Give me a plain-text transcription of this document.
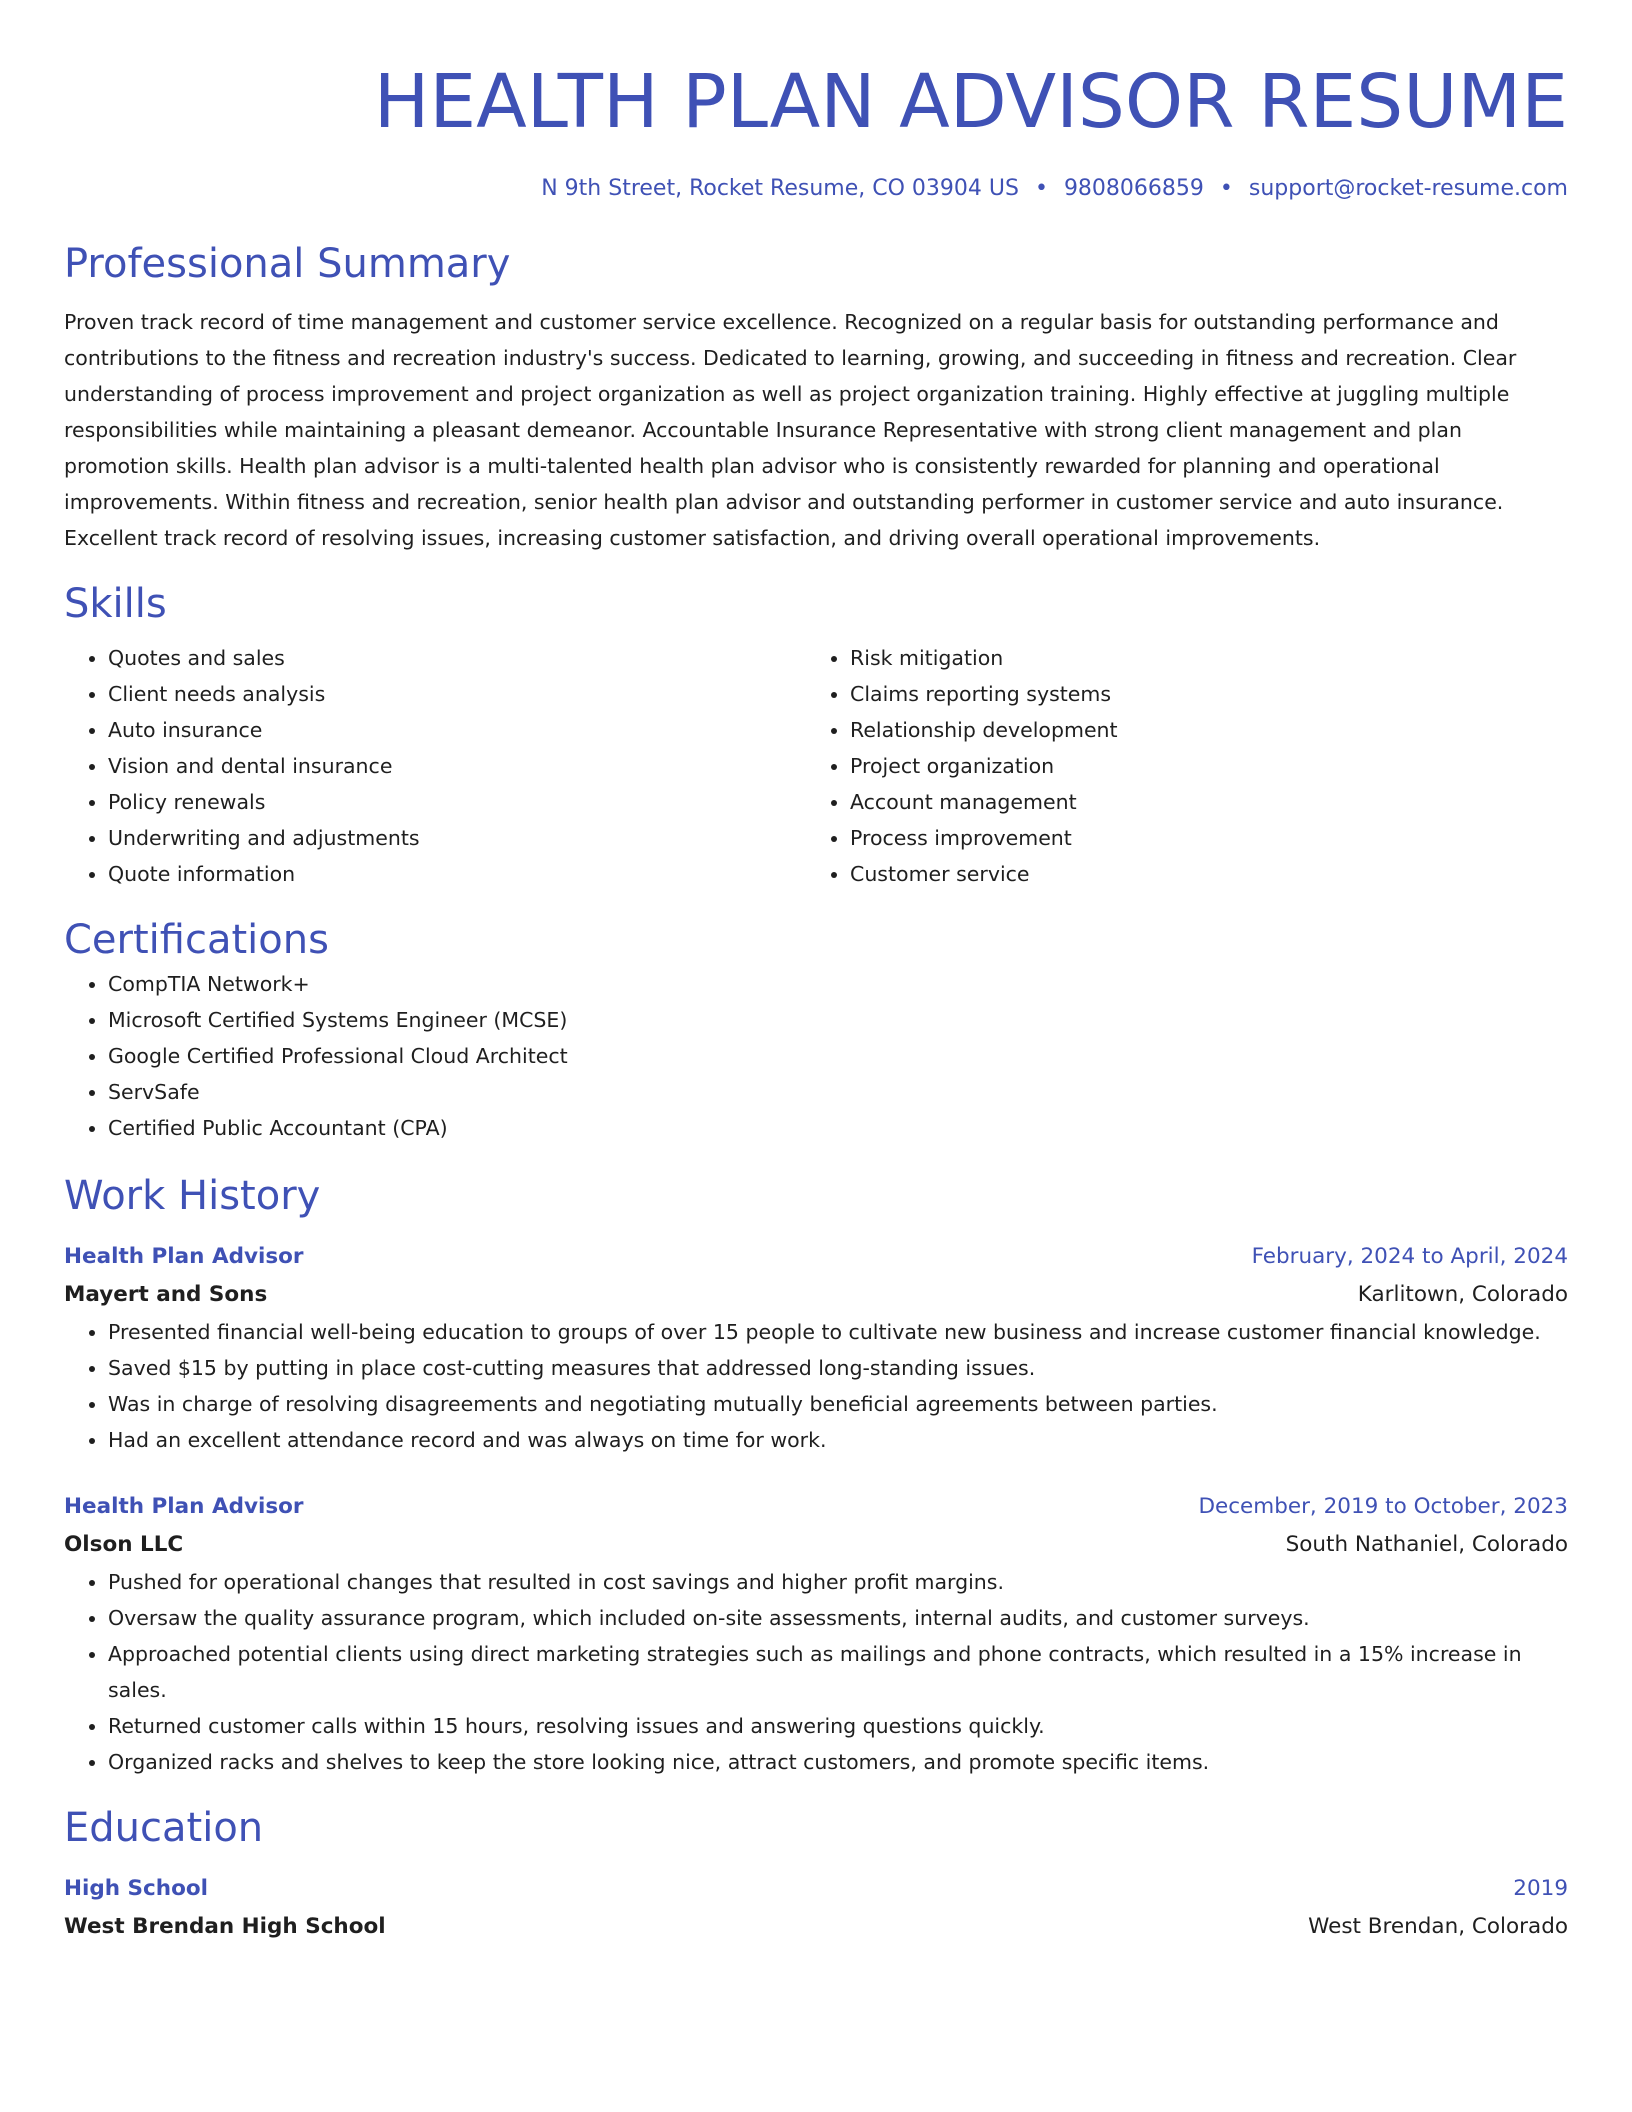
HEALTH PLAN ADVISOR RESUME
N 9th Street, Rocket Resume, CO 03904 US • 9808066859 • support@rocket-resume.com
Professional Summary

Proven track record of time management and customer service excellence. Recognized on a regular basis for outstanding performance and contributions to the fitness and recreation industry's success. Dedicated to learning, growing, and succeeding in fitness and recreation. Clear understanding of process improvement and project organization as well as project organization training. Highly effective at juggling multiple responsibilities while maintaining a pleasant demeanor. Accountable Insurance Representative with strong client management and plan promotion skills. Health plan advisor is a multi-talented health plan advisor who is consistently rewarded for planning and operational improvements. Within fitness and recreation, senior health plan advisor and outstanding performer in customer service and auto insurance. Excellent track record of resolving issues, increasing customer satisfaction, and driving overall operational improvements.

Skills
• Quotes and sales
• Client needs analysis
• Auto insurance
• Vision and dental insurance
• Policy renewals
• Underwriting and adjustments
• Quote information
• Risk mitigation
• Claims reporting systems
• Relationship development
• Project organization
• Account management
• Process improvement
• Customer service
Certifications
• CompTIA Network+
• Microsoft Certified Systems Engineer (MCSE)
• Google Certified Professional Cloud Architect
• ServSafe
• Certified Public Accountant (CPA)
Work History
Health Plan Advisor	February, 2024 to April, 2024
Mayert and Sons	Karlitown, Colorado
• Presented financial well-being education to groups of over 15 people to cultivate new business and increase customer financial knowledge.
• Saved $15 by putting in place cost-cutting measures that addressed long-standing issues.
• Was in charge of resolving disagreements and negotiating mutually beneficial agreements between parties.
• Had an excellent attendance record and was always on time for work.
Health Plan Advisor	December, 2019 to October, 2023
Olson LLC	South Nathaniel, Colorado
• Pushed for operational changes that resulted in cost savings and higher profit margins.
• Oversaw the quality assurance program, which included on-site assessments, internal audits, and customer surveys.
• Approached potential clients using direct marketing strategies such as mailings and phone contracts, which resulted in a 15% increase in sales.
• Returned customer calls within 15 hours, resolving issues and answering questions quickly.
• Organized racks and shelves to keep the store looking nice, attract customers, and promote specific items.
Education
High School	2019
West Brendan High School	West Brendan, Colorado
